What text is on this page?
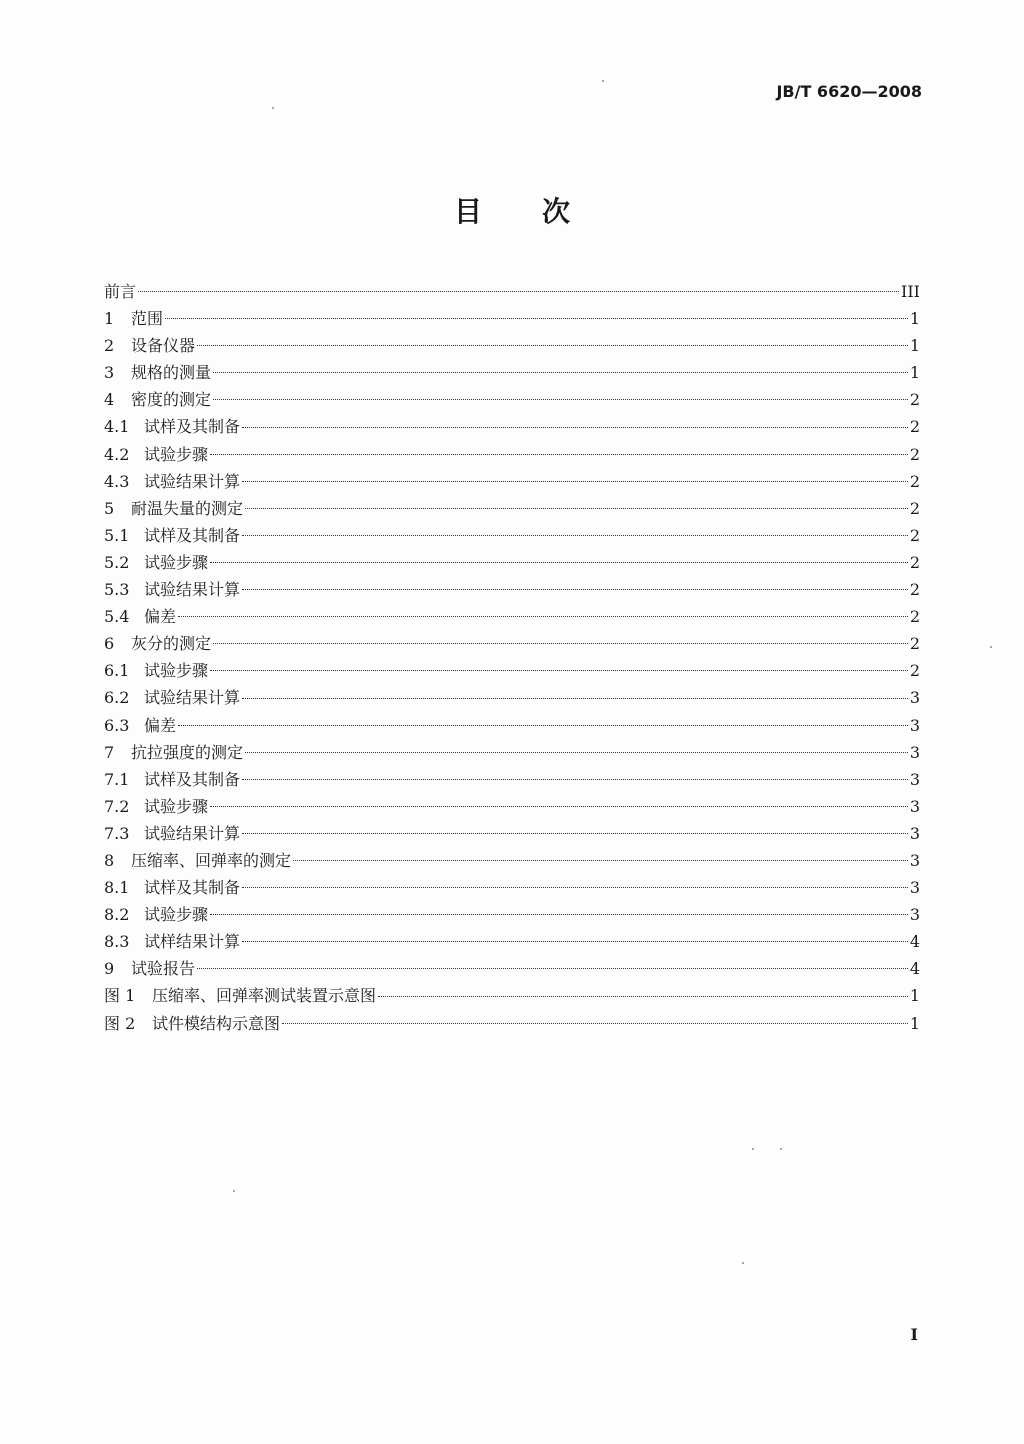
JB/T 6620—2008
目 次
前言	III
1	范围	1
2	设备仪器	1
3	规格的测量	1
4	密度的测定	2
4.1 试样及其制备	2
4.2 试验步骤	2
4.3 试验结果计算	2
5	耐温失量的测定	2
5.1 试样及其制备	2
5.2 试验步骤	2
5.3 试验结果计算	2
5.4 偏差	2
6	灰分的测定	2
6.1 试验步骤	2
6.2 试验结果计算	3
6.3 偏差	3
7	抗拉强度的测定	3
7.1 试样及其制备	3
7.2 试验步骤	3
7.3 试验结果计算	3
8	压缩率、回弹率的测定	3
8.1 试样及其制备	3
8.2 试验步骤	3
8.3 试样结果计算	4
9	试验报告	4
图 1	压缩率、回弹率测试装置示意图	1
图 2	试件模结构示意图	1
I
